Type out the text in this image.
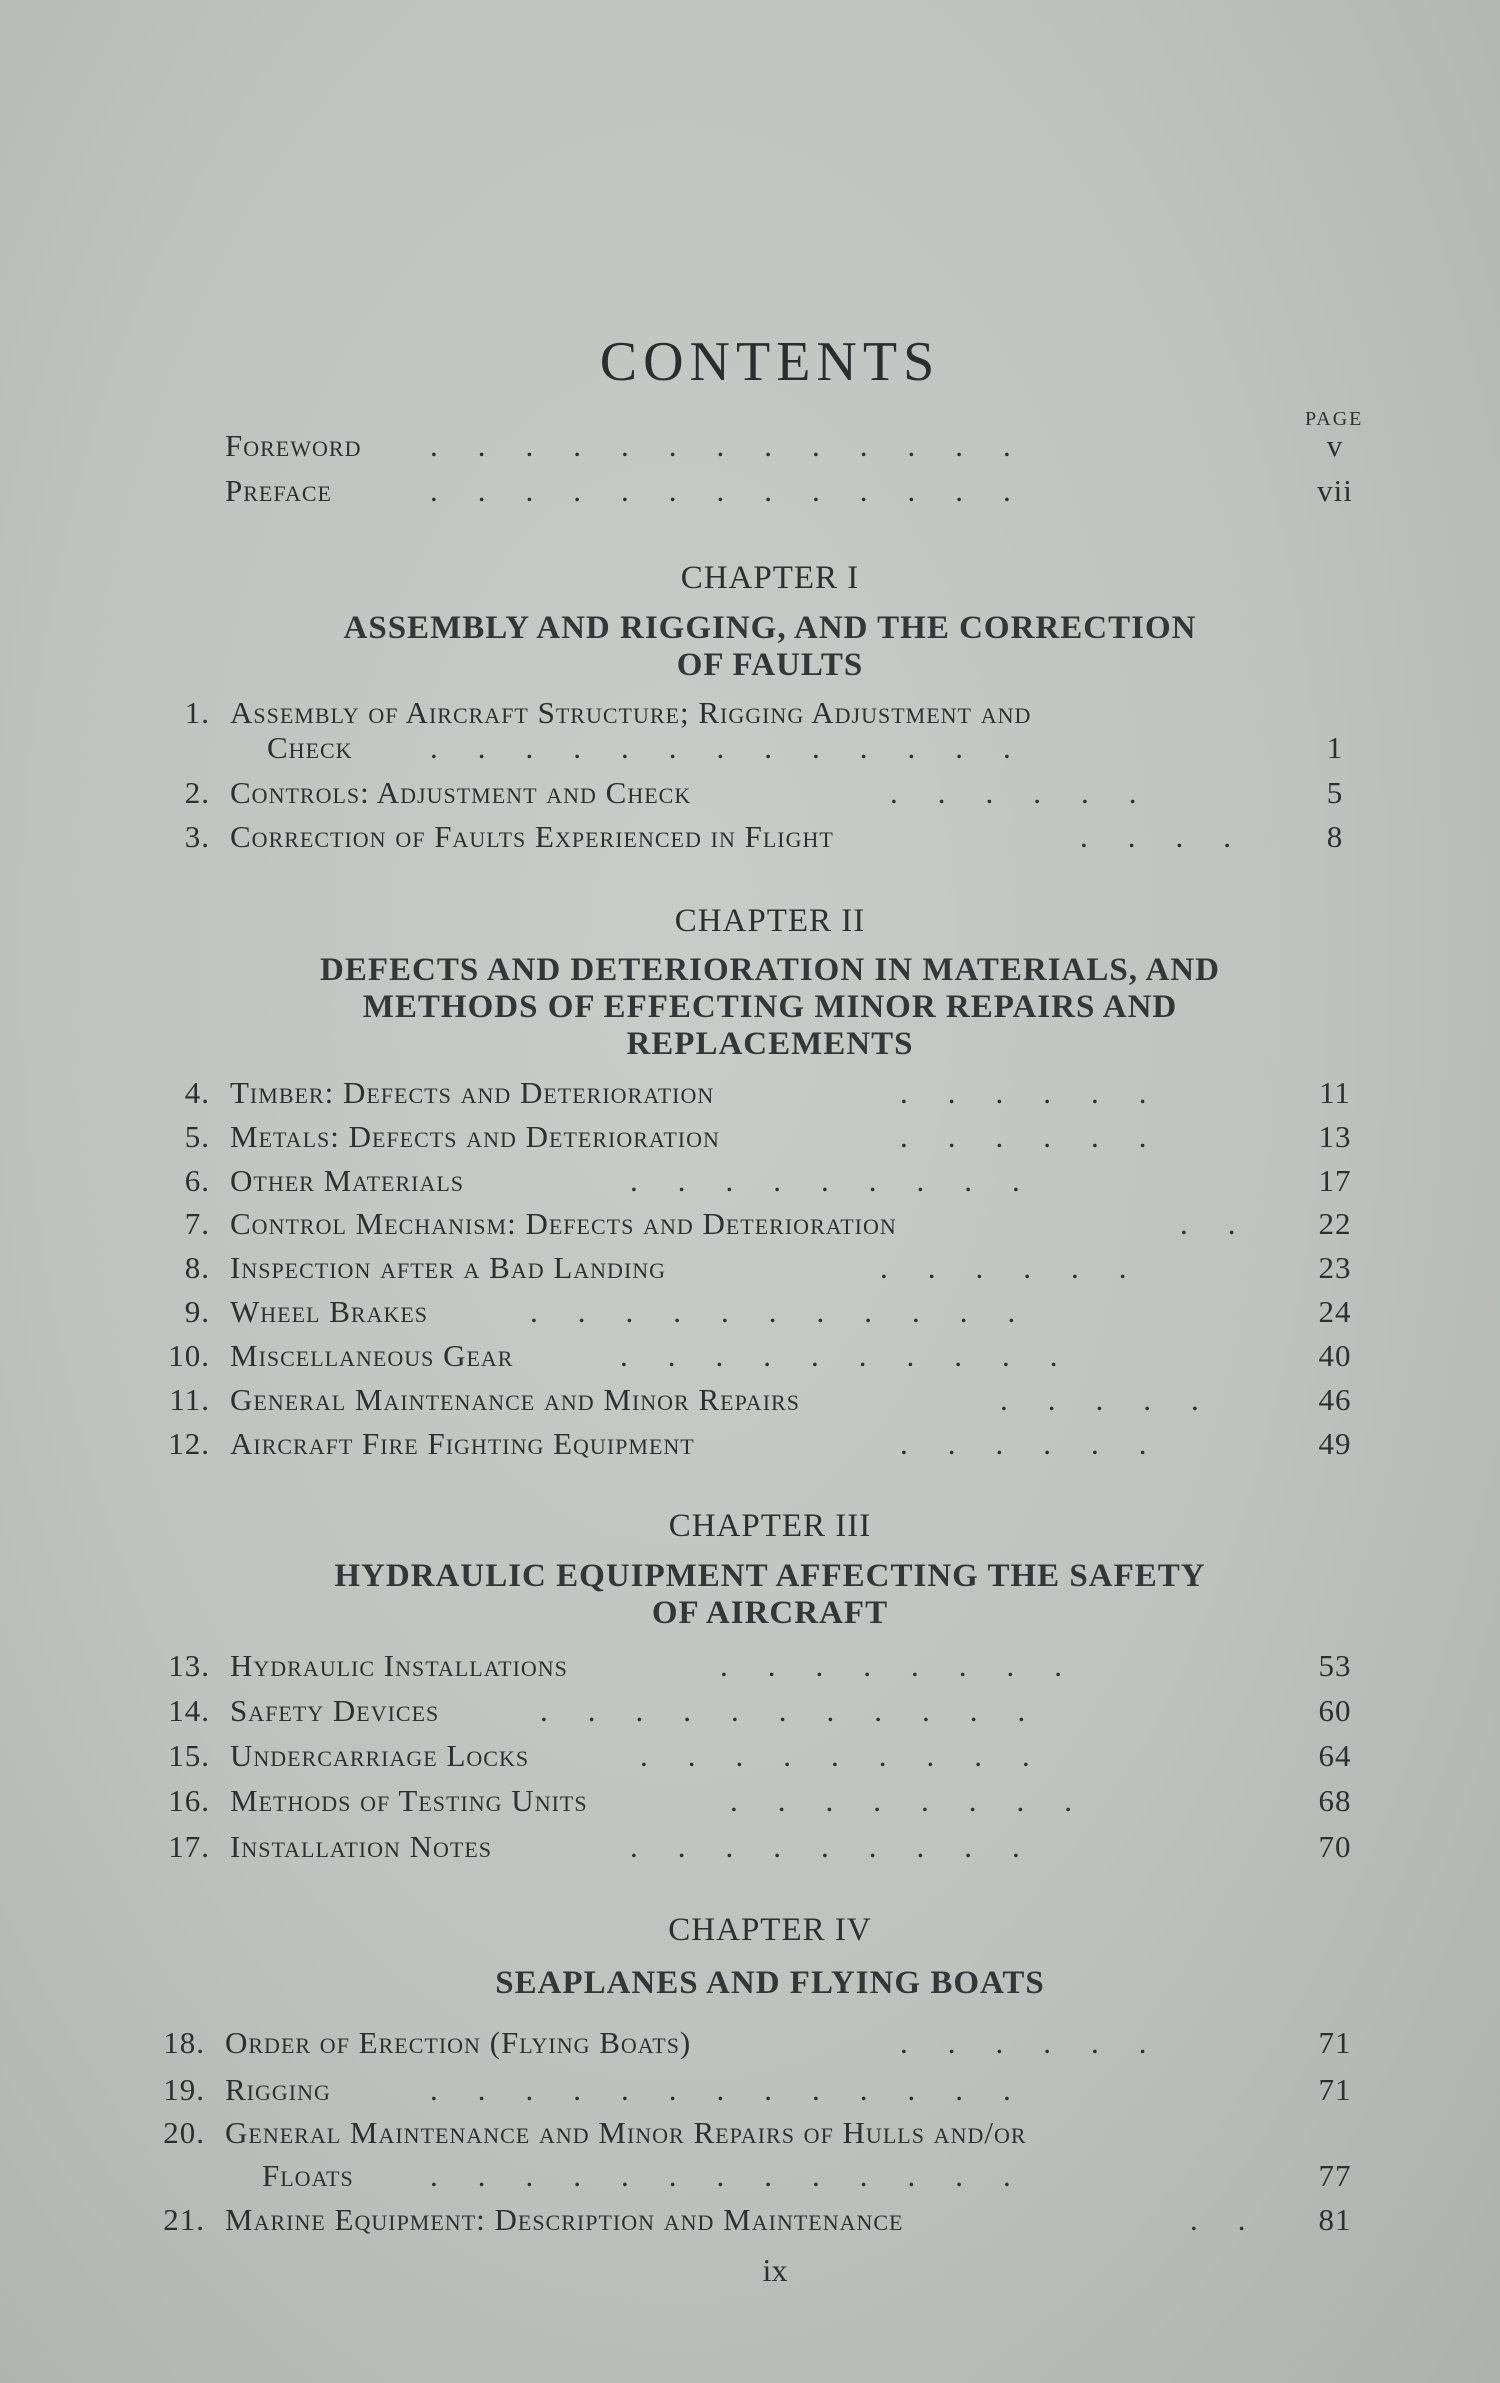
CONTENTS
PAGE
Foreword .............	v
Preface	.............	vii
CHAPTER I
ASSEMBLY AND RIGGING, AND THE CORRECTION
OF FAULTS
1. Assembly of Aircraft Structure; Rigging Adjustment and
Check .............	1
2. Controls: Adjustment and Check	......	5
3. Correction of Faults Experienced in Flight	....	8
CHAPTER II
DEFECTS AND DETERIORATION IN MATERIALS, AND
METHODS OF EFFECTING MINOR REPAIRS AND
REPLACEMENTS
4. Timber: Defects and Deterioration	......	11
5. Metals: Defects and Deterioration	......	13
6. Other Materials	.........	17
7. Control Mechanism: Defects and Deterioration	..	22
8. Inspection after a Bad Landing	......	23
9. Wheel Brakes	...........	24
10. Miscellaneous Gear	..........	40
11. General Maintenance and Minor Repairs	.....	46
12. Aircraft Fire Fighting Equipment	......	49
CHAPTER III
HYDRAULIC EQUIPMENT AFFECTING THE SAFETY
OF AIRCRAFT
13. Hydraulic Installations	........	53
14. Safety Devices	...........	60
15. Undercarriage Locks	.........	64
16. Methods of Testing Units	........	68
17. Installation Notes	.........	70
CHAPTER IV
SEAPLANES AND FLYING BOATS
18. Order of Erection (Flying Boats)	......	71
19. Rigging	.............	71
20. General Maintenance and Minor Repairs of Hulls and/or
Floats .............	77
21. Marine Equipment: Description and Maintenance	..	81
ix
